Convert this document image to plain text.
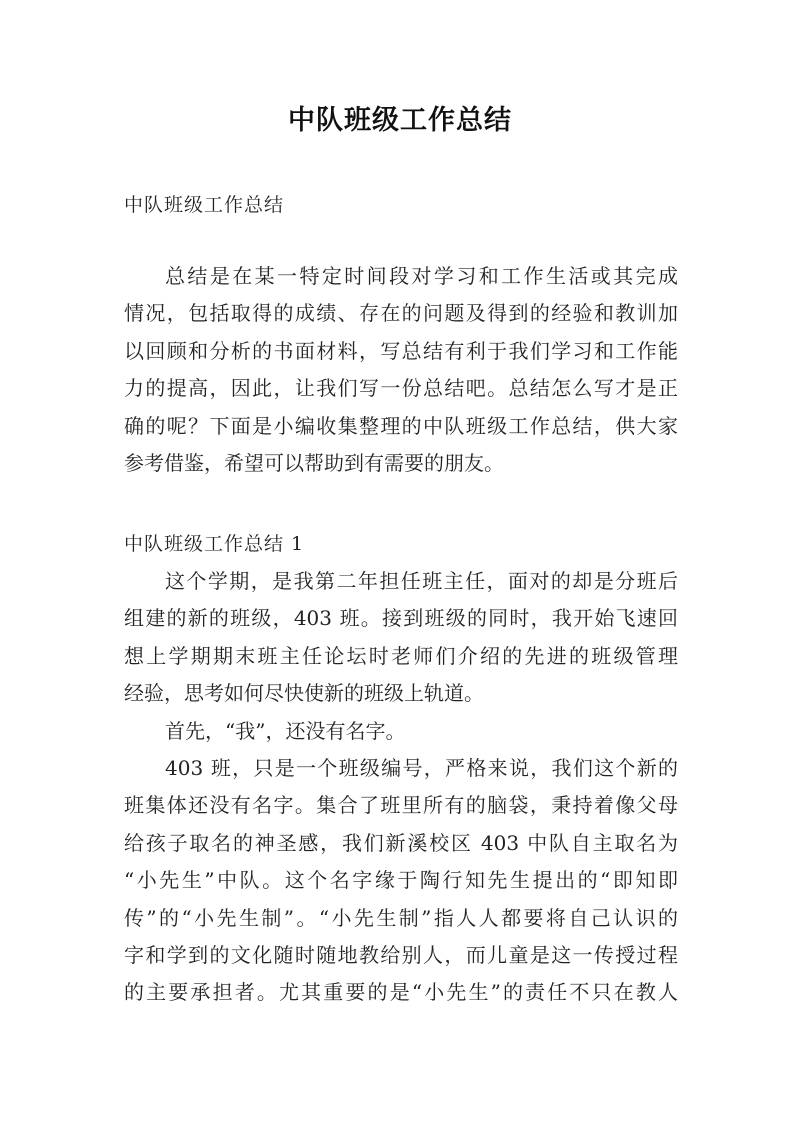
中队班级工作总结
中队班级工作总结
总结是在某一特定时间段对学习和工作生活或其完成
情况，包括取得的成绩、存在的问题及得到的经验和教训加
以回顾和分析的书面材料，写总结有利于我们学习和工作能
力的提高，因此，让我们写一份总结吧。总结怎么写才是正
确的呢？下面是小编收集整理的中队班级工作总结，供大家
参考借鉴，希望可以帮助到有需要的朋友。
中队班级工作总结 1
这个学期，是我第二年担任班主任，面对的却是分班后
组建的新的班级，403 班。接到班级的同时，我开始飞速回
想上学期期末班主任论坛时老师们介绍的先进的班级管理
经验，思考如何尽快使新的班级上轨道。
首先，“我”，还没有名字。
403 班，只是一个班级编号，严格来说，我们这个新的
班集体还没有名字。集合了班里所有的脑袋，秉持着像父母
给孩子取名的神圣感，我们新溪校区 403 中队自主取名为
“小先生”中队。这个名字缘于陶行知先生提出的“即知即
传”的“小先生制”。“小先生制”指人人都要将自己认识的
字和学到的文化随时随地教给别人，而儿童是这一传授过程
的主要承担者。尤其重要的是“小先生”的责任不只在教人
